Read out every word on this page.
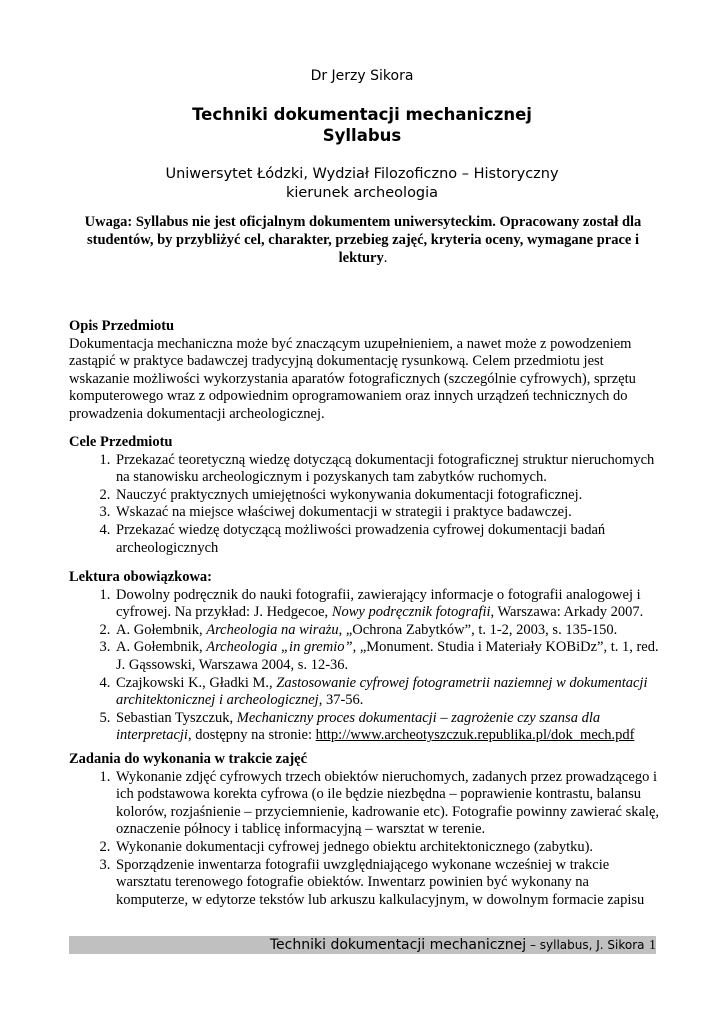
Dr Jerzy Sikora
Techniki dokumentacji mechanicznej
Syllabus
Uniwersytet Łódzki, Wydział Filozoficzno – Historyczny
kierunek archeologia
Uwaga: Syllabus nie jest oficjalnym dokumentem uniwersyteckim. Opracowany został dla studentów, by przybliżyć cel, charakter, przebieg zajęć, kryteria oceny, wymagane prace i lektury.
Opis Przedmiotu

Dokumentacja mechaniczna może być znaczącym uzupełnieniem, a nawet może z powodzeniem zastąpić w praktyce badawczej tradycyjną dokumentację rysunkową. Celem przedmiotu jest wskazanie możliwości wykorzystania aparatów fotograficznych (szczególnie cyfrowych), sprzętu komputerowego wraz z odpowiednim oprogramowaniem oraz innych urządzeń technicznych do prowadzenia dokumentacji archeologicznej.

Cele Przedmiotu
1. Przekazać teoretyczną wiedzę dotyczącą dokumentacji fotograficznej struktur nieruchomych na stanowisku archeologicznym i pozyskanych tam zabytków ruchomych.
2. Nauczyć praktycznych umiejętności wykonywania dokumentacji fotograficznej.
3. Wskazać na miejsce właściwej dokumentacji w strategii i praktyce badawczej.
4. Przekazać wiedzę dotyczącą możliwości prowadzenia cyfrowej dokumentacji badań archeologicznych
Lektura obowiązkowa:
1. Dowolny podręcznik do nauki fotografii, zawierający informacje o fotografii analogowej i cyfrowej. Na przykład: J. Hedgecoe, Nowy podręcznik fotografii, Warszawa: Arkady 2007.
2. A. Gołembnik, Archeologia na wirażu, „Ochrona Zabytków”, t. 1-2, 2003, s. 135-150.
3. A. Gołembnik, Archeologia „in gremio”, „Monument. Studia i Materiały KOBiDz”, t. 1, red. J. Gąssowski, Warszawa 2004, s. 12-36.
4. Czajkowski K., Gładki M., Zastosowanie cyfrowej fotogrametrii naziemnej w dokumentacji architektonicznej i archeologicznej, 37-56.
5. Sebastian Tyszczuk, Mechaniczny proces dokumentacji – zagrożenie czy szansa dla interpretacji, dostępny na stronie: http://www.archeotyszczuk.republika.pl/dok_mech.pdf
Zadania do wykonania w trakcie zajęć
1. Wykonanie zdjęć cyfrowych trzech obiektów nieruchomych, zadanych przez prowadzącego i ich podstawowa korekta cyfrowa (o ile będzie niezbędna – poprawienie kontrastu, balansu kolorów, rozjaśnienie – przyciemnienie, kadrowanie etc). Fotografie powinny zawierać skalę, oznaczenie północy i tablicę informacyjną – warsztat w terenie.
2. Wykonanie dokumentacji cyfrowej jednego obiektu architektonicznego (zabytku).
3. Sporządzenie inwentarza fotografii uwzględniającego wykonane wcześniej w trakcie warsztatu terenowego fotografie obiektów. Inwentarz powinien być wykonany na komputerze, w edytorze tekstów lub arkuszu kalkulacyjnym, w dowolnym formacie zapisu
Techniki dokumentacji mechanicznej – syllabus, J. Sikora 1
